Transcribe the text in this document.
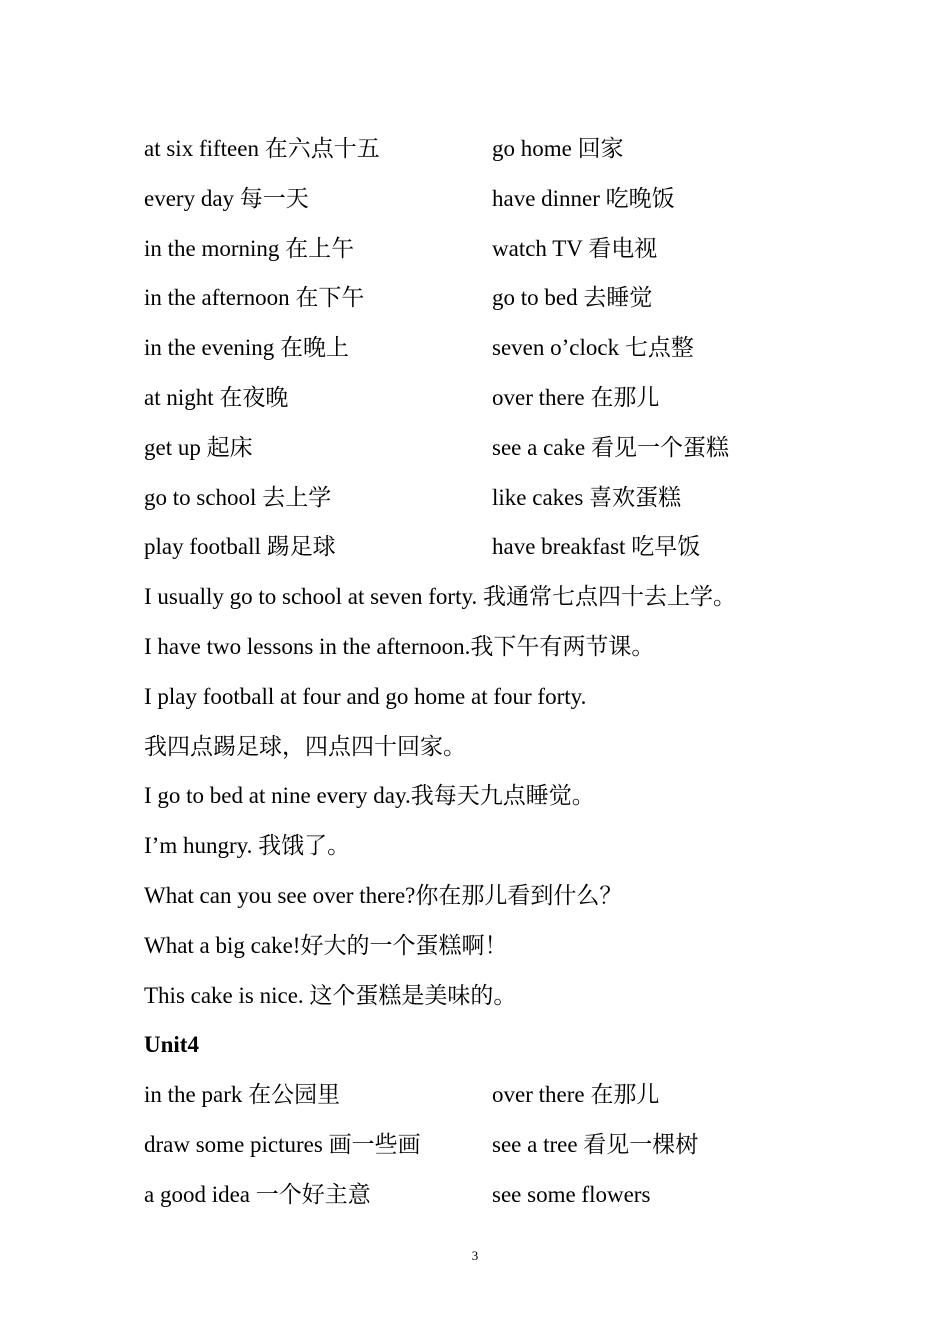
at six fifteen 在六点十五	go home 回家
every day 每一天	have dinner 吃晚饭
in the morning 在上午	watch TV 看电视
in the afternoon 在下午	go to bed 去睡觉
in the evening 在晚上	seven o’clock 七点整
at night 在夜晚	over there 在那儿
get up 起床	see a cake 看见一个蛋糕
go to school 去上学	like cakes 喜欢蛋糕
play football 踢足球	have breakfast 吃早饭
I usually go to school at seven forty. 我通常七点四十去上学。
I have two lessons in the afternoon.我下午有两节课。
I play football at four and go home at four forty.
我四点踢足球，四点四十回家。
I go to bed at nine every day.我每天九点睡觉。
I’m hungry. 我饿了。
What can you see over there?你在那儿看到什么？
What a big cake!好大的一个蛋糕啊！
This cake is nice. 这个蛋糕是美味的。
Unit4
in the park 在公园里	over there 在那儿
draw some pictures 画一些画	see a tree 看见一棵树
a good idea 一个好主意	see some flowers
3
